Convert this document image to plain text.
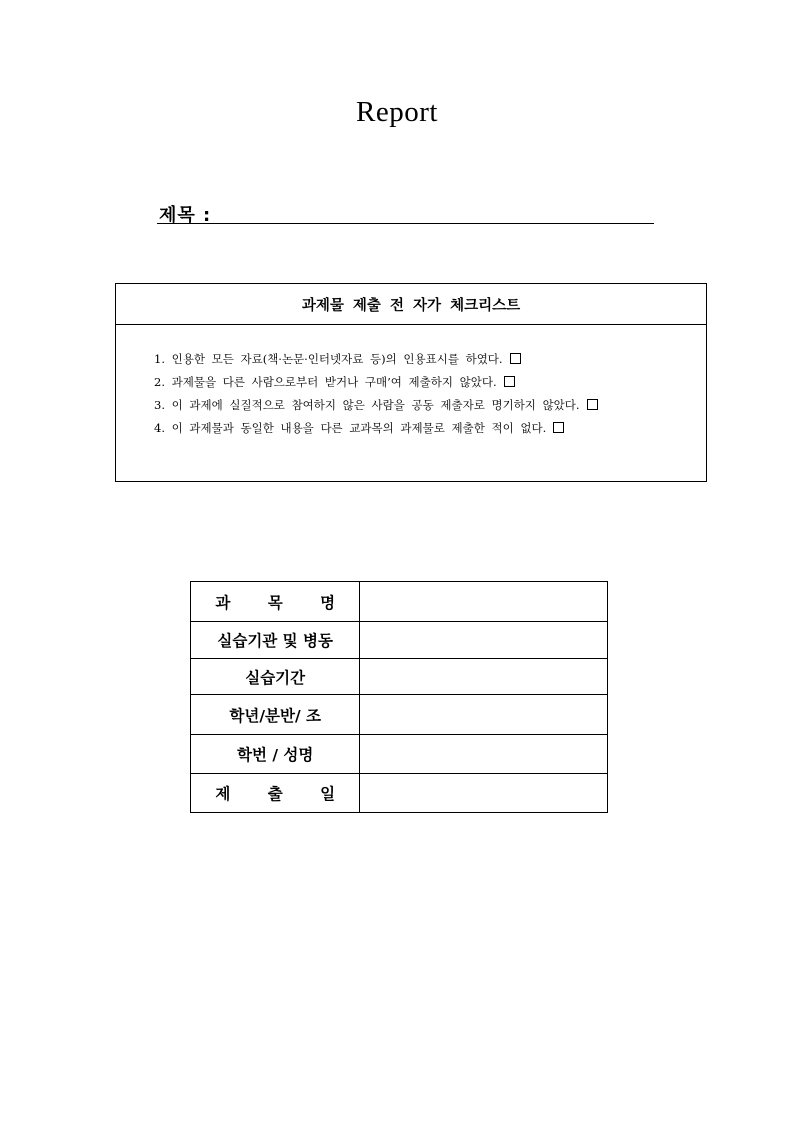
Report
제목 :
과제물 제출 전 자가 체크리스트
1. 인용한 모든 자료(책·논문·인터넷자료 등)의 인용표시를 하였다.
2. 과제물을 다른 사람으로부터 받거나 구매’여 제출하지 않았다.
3. 이 과제에 실질적으로 참여하지 않은 사람을 공동 제출자로 명기하지 않았다.
4. 이 과제물과 동일한 내용을 다른 교과목의 과제물로 제출한 적이 없다.
과 목 명	
실습기관 및 병동	
실습기간	
학년/분반/ 조	
학번 / 성명	
제 출 일	
